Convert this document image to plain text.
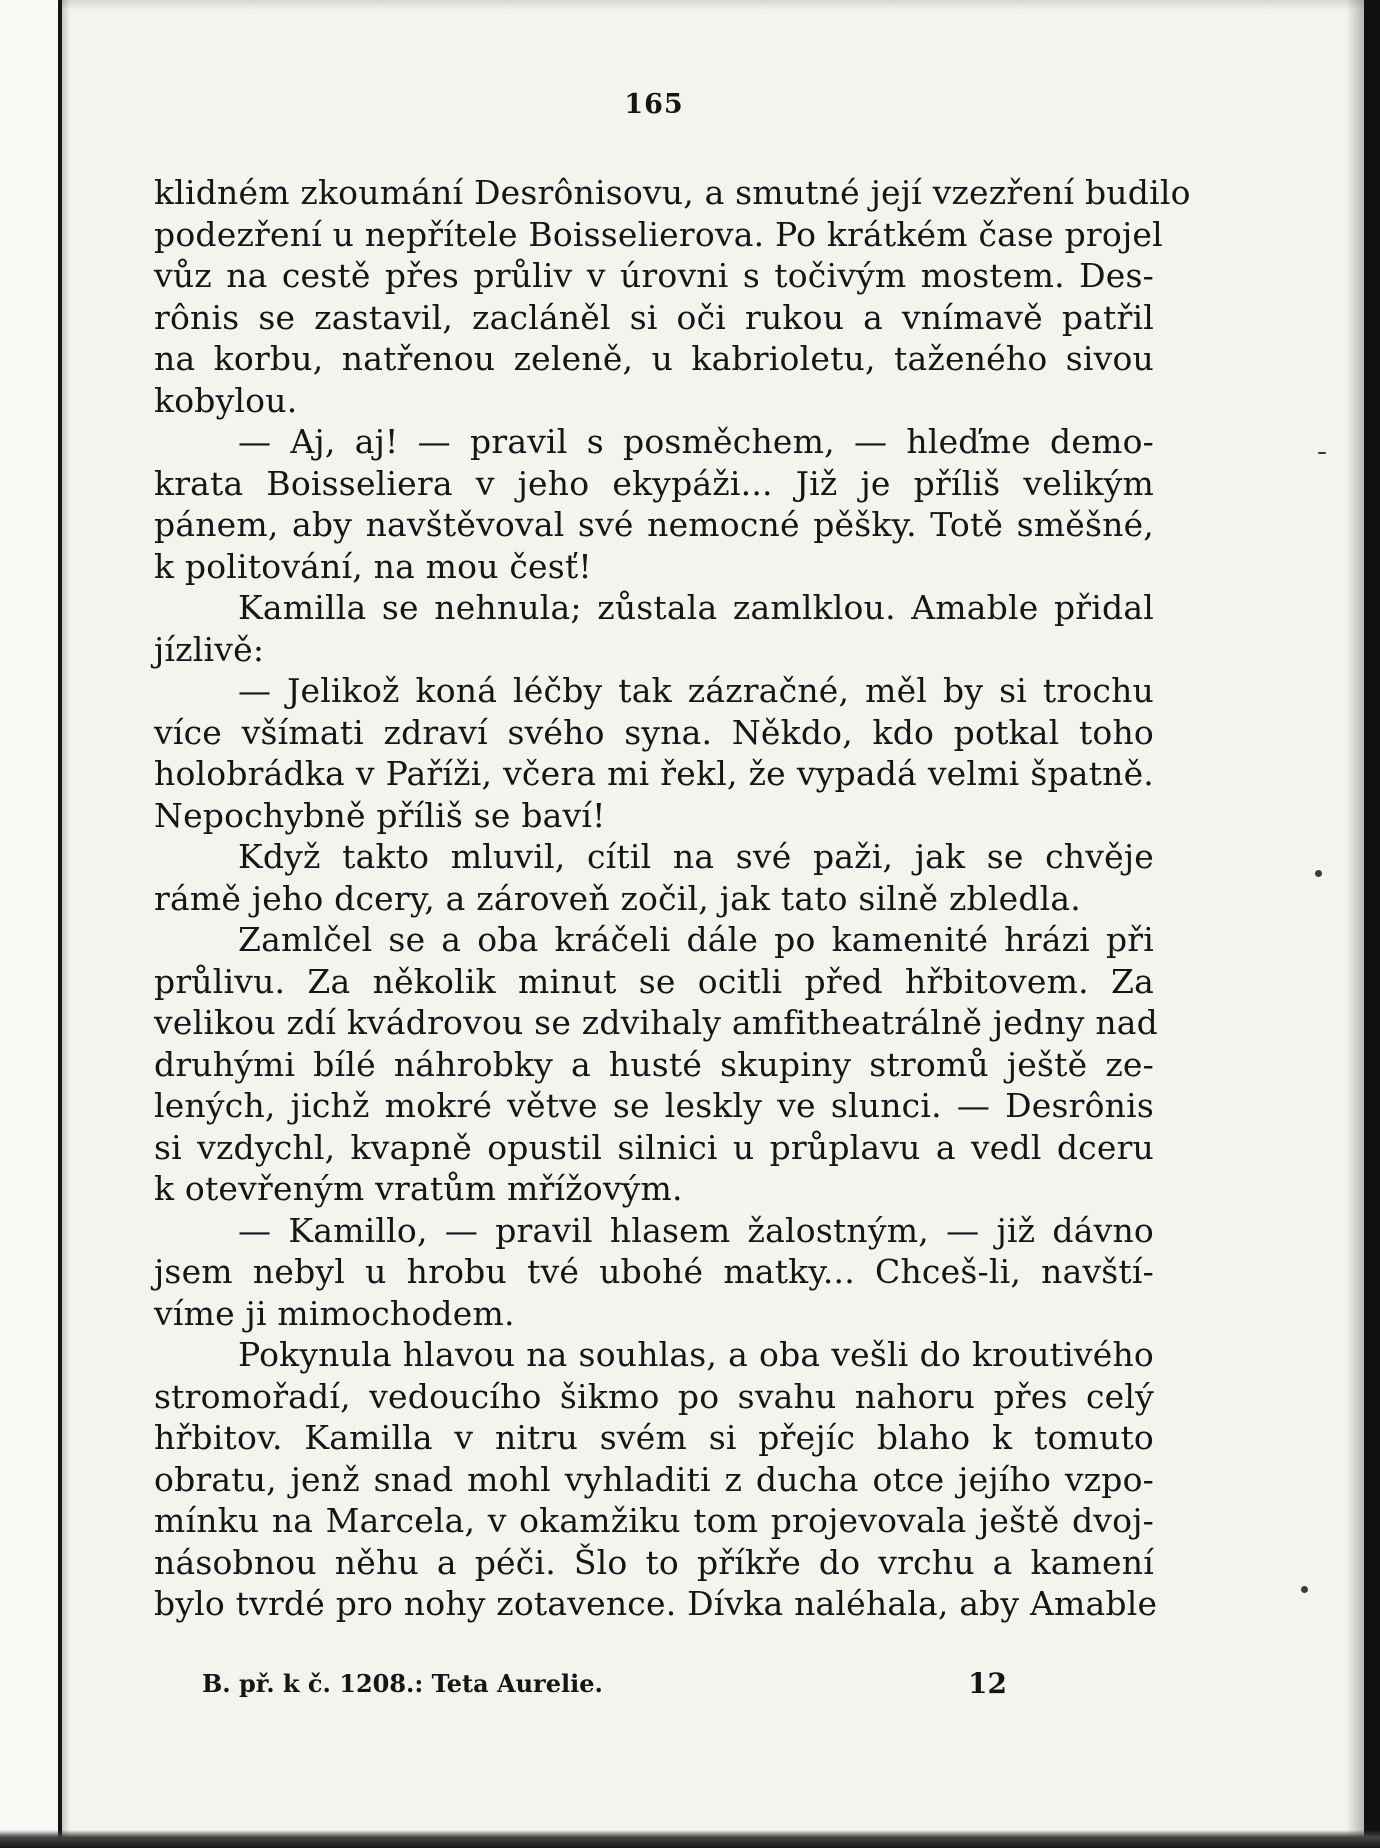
165
klidném zkoumání Desrônisovu, a smutné její vzezření budilo
podezření u nepřítele Boisselierova. Po krátkém čase projel
vůz na cestě přes průliv v úrovni s točivým mostem. Des-
rônis se zastavil, zacláněl si oči rukou a vnímavě patřil
na korbu, natřenou zeleně, u kabrioletu, taženého sivou
kobylou.
— Aj, aj! — pravil s posměchem, — hleďme demo-
krata Boisseliera v jeho ekypáži... Již je příliš velikým
pánem, aby navštěvoval své nemocné pěšky. Totě směšné,
k politování, na mou česť!
Kamilla se nehnula; zůstala zamlklou. Amable přidal
jízlivě:
— Jelikož koná léčby tak zázračné, měl by si trochu
více všímati zdraví svého syna. Někdo, kdo potkal toho
holobrádka v Paříži, včera mi řekl, že vypadá velmi špatně.
Nepochybně příliš se baví!
Když takto mluvil, cítil na své paži, jak se chvěje
rámě jeho dcery, a zároveň zočil, jak tato silně zbledla.
Zamlčel se a oba kráčeli dále po kamenité hrázi při
průlivu. Za několik minut se ocitli před hřbitovem. Za
velikou zdí kvádrovou se zdvihaly amfitheatrálně jedny nad
druhými bílé náhrobky a husté skupiny stromů ještě ze-
lených, jichž mokré větve se leskly ve slunci. — Desrônis
si vzdychl, kvapně opustil silnici u průplavu a vedl dceru
k otevřeným vratům mřížovým.
— Kamillo, — pravil hlasem žalostným, — již dávno
jsem nebyl u hrobu tvé ubohé matky... Chceš-li, navští-
víme ji mimochodem.
Pokynula hlavou na souhlas, a oba vešli do kroutivého
stromořadí, vedoucího šikmo po svahu nahoru přes celý
hřbitov. Kamilla v nitru svém si přejíc blaho k tomuto
obratu, jenž snad mohl vyhladiti z ducha otce jejího vzpo-
mínku na Marcela, v okamžiku tom projevovala ještě dvoj-
násobnou něhu a péči. Šlo to příkře do vrchu a kamení
bylo tvrdé pro nohy zotavence. Dívka naléhala, aby Amable
B. př. k č. 1208.: Teta Aurelie.	12
